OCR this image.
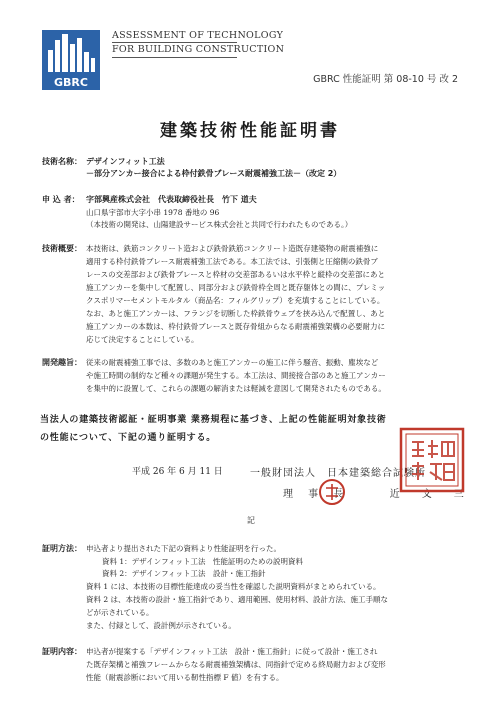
GBRC
ASSESSMENT OF TECHNOLOGY
FOR BUILDING CONSTRUCTION
GBRC 性能証明 第 08-10 号 改 2
建築技術性能証明書
技術名称： デザインフィット工法
－部分アンカー接合による枠付鉄骨ブレース耐震補強工法－（改定 2）
申 込 者： 字部興産株式会社　代表取締役社長　竹下 道夫
山口県宇部市大字小串 1978 番地の 96
（本技術の開発は、山陽建設サービス株式会社と共同で行われたものである。）
技術概要： 本技術は、鉄筋コンクリート造および鉄骨鉄筋コンクリート造既存建築物の耐震補強に
適用する枠付鉄骨ブレース耐震補強工法である。本工法では、引張側と圧縮側の鉄骨ブ
レースの交差部および鉄骨ブレースと枠材の交差部あるいは水平枠と縦枠の交差部にあと
施工アンカーを集中して配置し、同部分および鉄骨枠全周と既存躯体との間に、プレミッ
クスポリマーセメントモルタル（商品名：フィルグリップ）を充填することにしている。
なお、あと施工アンカーは、フランジを切断した枠鉄骨ウェブを挟み込んで配置し、あと
施工アンカーの本数は、枠付鉄骨ブレースと既存骨組からなる耐震補強架構の必要耐力に
応じて決定することにしている。
開発趣旨： 従来の耐震補強工事では、多数のあと施工アンカーの施工に伴う騒音、振動、塵埃など
や施工時間の制約など種々の課題が発生する。本工法は、間接接合部のあと施工アンカー
を集中的に設置して、これらの課題の解消または軽減を意図して開発されたものである。
当法人の建築技術認証・証明事業 業務規程に基づき、上記の性能証明対象技術
の性能について、下記の通り証明する。
平成 26 年 6 月 11 日	一般財団法人　日本建築総合試験所
理 事 長	近　文　三
記
証明方法： 申込者より提出された下記の資料より性能証明を行った。
資料 1：デザインフィット工法　性能証明のための説明資料
資料 2：デザインフィット工法　設計・施工指針
資料 1 には、本技術の目標性能達成の妥当性を確認した説明資料がまとめられている。
資料 2 は、本技術の設計・施工指針であり、適用範囲、使用材料、設計方法、施工手順な
どが示されている。
また、付録として、設計例が示されている。
証明内容： 申込者が提案する「デザインフィット工法　設計・施工指針」に従って設計・施工され
た既存架構と補強フレームからなる耐震補強架構は、同指針で定める終局耐力および変形
性能（耐震診断において用いる靭性指標 F 値）を有する。
